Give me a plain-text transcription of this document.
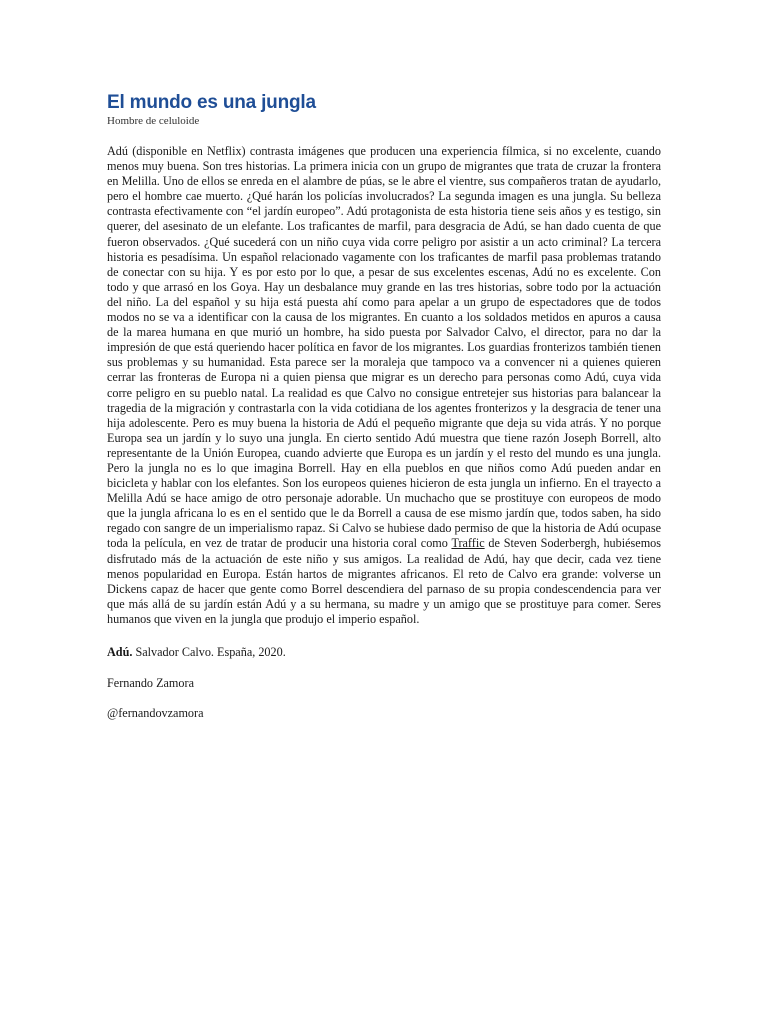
El mundo es una jungla
Hombre de celuloide

Adú (disponible en Netflix) contrasta imágenes que producen una experiencia fílmica, si no excelente, cuando menos muy buena. Son tres historias. La primera inicia con un grupo de migrantes que trata de cruzar la frontera en Melilla. Uno de ellos se enreda en el alambre de púas, se le abre el vientre, sus compañeros tratan de ayudarlo, pero el hombre cae muerto. ¿Qué harán los policías involucrados? La segunda imagen es una jungla. Su belleza contrasta efectivamente con “el jardín europeo”. Adú protagonista de esta historia tiene seis años y es testigo, sin querer, del asesinato de un elefante. Los traficantes de marfil, para desgracia de Adú, se han dado cuenta de que fueron observados. ¿Qué sucederá con un niño cuya vida corre peligro por asistir a un acto criminal? La tercera historia es pesadísima. Un español relacionado vagamente con los traficantes de marfil pasa problemas tratando de conectar con su hija. Y es por esto por lo que, a pesar de sus excelentes escenas, Adú no es excelente. Con todo y que arrasó en los Goya. Hay un desbalance muy grande en las tres historias, sobre todo por la actuación del niño. La del español y su hija está puesta ahí como para apelar a un grupo de espectadores que de todos modos no se va a identificar con la causa de los migrantes. En cuanto a los soldados metidos en apuros a causa de la marea humana en que murió un hombre, ha sido puesta por Salvador Calvo, el director, para no dar la impresión de que está queriendo hacer política en favor de los migrantes. Los guardias fronterizos también tienen sus problemas y su humanidad. Esta parece ser la moraleja que tampoco va a convencer ni a quienes quieren cerrar las fronteras de Europa ni a quien piensa que migrar es un derecho para personas como Adú, cuya vida corre peligro en su pueblo natal. La realidad es que Calvo no consigue entretejer sus historias para balancear la tragedia de la migración y contrastarla con la vida cotidiana de los agentes fronterizos y la desgracia de tener una hija adolescente. Pero es muy buena la historia de Adú el pequeño migrante que deja su vida atrás. Y no porque Europa sea un jardín y lo suyo una jungla. En cierto sentido Adú muestra que tiene razón Joseph Borrell, alto representante de la Unión Europea, cuando advierte que Europa es un jardín y el resto del mundo es una jungla. Pero la jungla no es lo que imagina Borrell. Hay en ella pueblos en que niños como Adú pueden andar en bicicleta y hablar con los elefantes. Son los europeos quienes hicieron de esta jungla un infierno. En el trayecto a Melilla Adú se hace amigo de otro personaje adorable. Un muchacho que se prostituye con europeos de modo que la jungla africana lo es en el sentido que le da Borrell a causa de ese mismo jardín que, todos saben, ha sido regado con sangre de un imperialismo rapaz. Si Calvo se hubiese dado permiso de que la historia de Adú ocupase toda la película, en vez de tratar de producir una historia coral como Traffic de Steven Soderbergh, hubiésemos disfrutado más de la actuación de este niño y sus amigos. La realidad de Adú, hay que decir, cada vez tiene menos popularidad en Europa. Están hartos de migrantes africanos. El reto de Calvo era grande: volverse un Dickens capaz de hacer que gente como Borrel descendiera del parnaso de su propia condescendencia para ver que más allá de su jardín están Adú y a su hermana, su madre y un amigo que se prostituye para comer. Seres humanos que viven en la jungla que produjo el imperio español.

Adú. Salvador Calvo. España, 2020.

Fernando Zamora

@fernandovzamora
